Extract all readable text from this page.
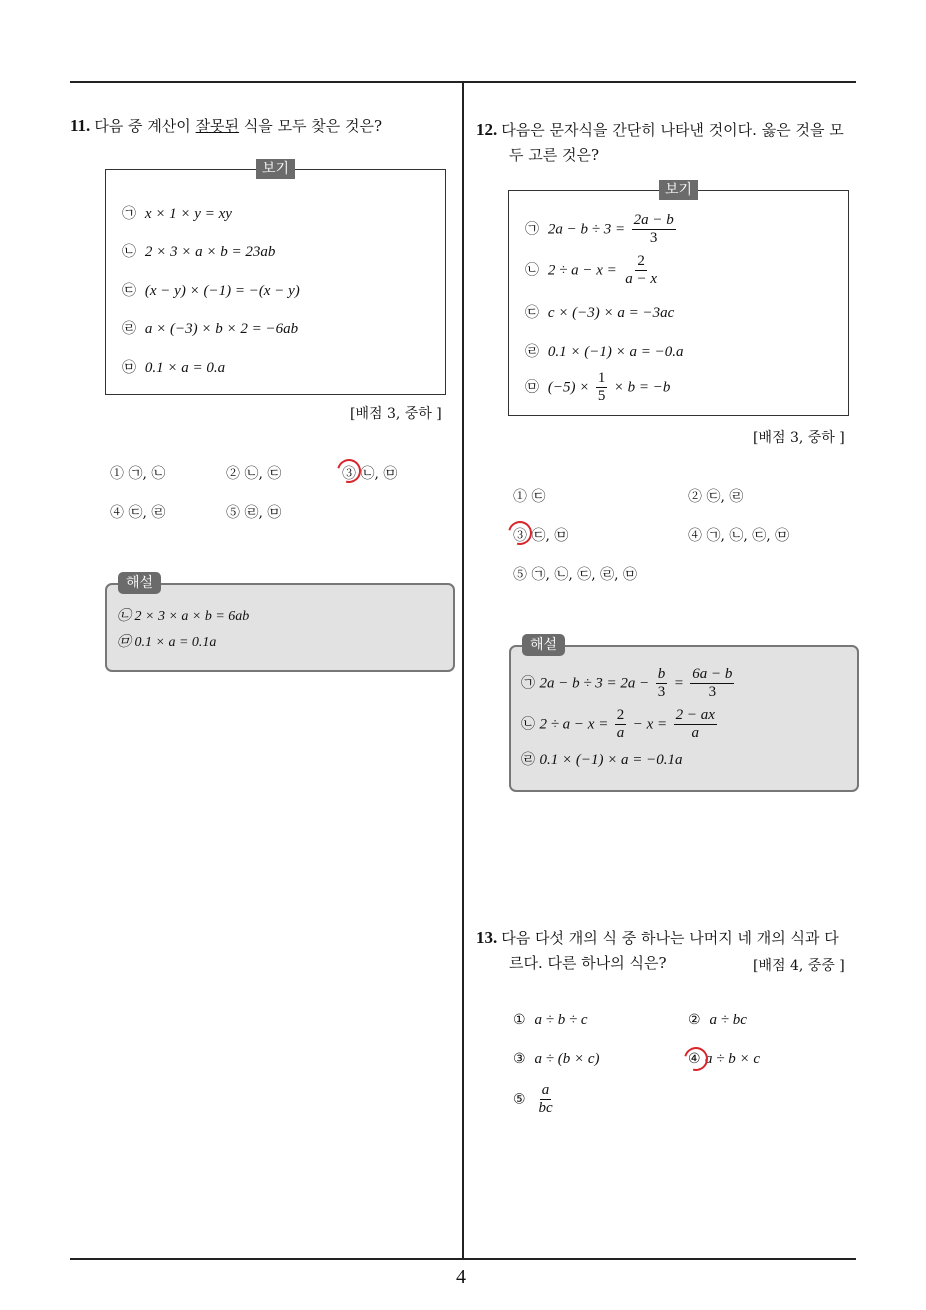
4
11. 다음 중 계산이 잘못된 식을 모두 찾은 것은?
보기
㉠ x × 1 × y = xy
㉡ 2 × 3 × a × b = 23ab
㉢ (x − y) × (−1) = −(x − y)
㉣ a × (−3) × b × 2 = −6ab
㉤ 0.1 × a = 0.a
[배점 3, 중하 ]
① ㉠, ㉡	② ㉡, ㉢	③ ㉡, ㉤
④ ㉢, ㉣	⑤ ㉣, ㉤
해설
㉡ 2 × 3 × a × b = 6ab
㉤ 0.1 × a = 0.1a
12. 다음은 문자식을 간단히 나타낸 것이다. 옳은 것을 모
두 고른 것은?
보기
㉠ $2a - b \div 3 = \frac{2a - b}{3}$
㉡ $2 \div a - x = \frac{2}{a - x}$
㉢ c × (−3) × a = −3ac
㉣ 0.1 × (−1) × a = −0.a
㉤ $(-5) \times \frac{1}{5} \times b = -b$
[배점 3, 중하 ]
① ㉢	② ㉢, ㉣
③ ㉢, ㉤	④ ㉠, ㉡, ㉢, ㉤
⑤ ㉠, ㉡, ㉢, ㉣, ㉤
해설
㉠ $2a - b \div 3 = 2a - \frac{b}{3} = \frac{6a - b}{3}$
㉡ $2 \div a - x = \frac{2}{a} - x = \frac{2 - ax}{a}$
㉣ 0.1 × (−1) × a = −0.1a
13. 다음 다섯 개의 식 중 하나는 나머지 네 개의 식과 다
르다. 다른 하나의 식은?	[배점 4, 중중 ]
① a ÷ b ÷ c	② a ÷ bc
③ a ÷ (b × c)	④ a ÷ b × c
⑤ $\frac{a}{bc}$
